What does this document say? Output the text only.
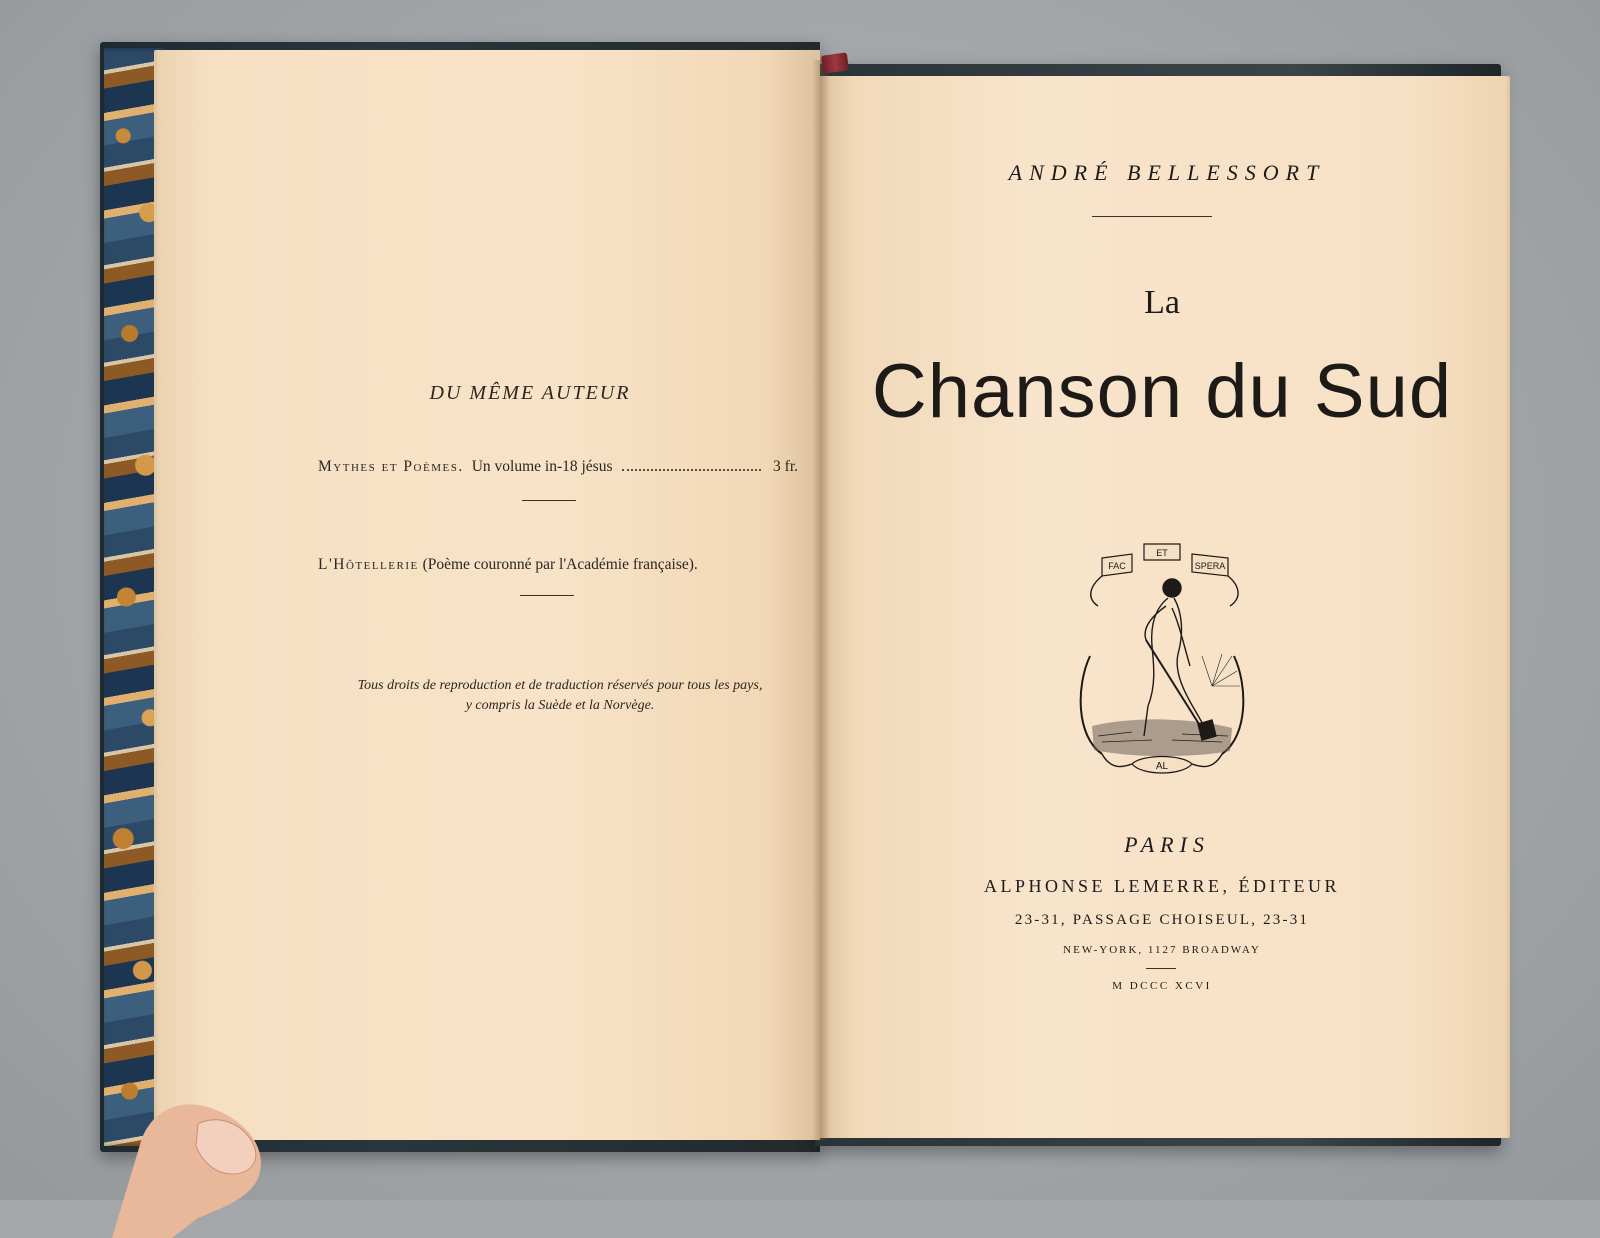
DU MÊME AUTEUR
Mythes et Poèmes. Un volume in-18 jésus	3 fr.
L'Hôtellerie (Poème couronné par l'Académie française).
Tous droits de reproduction et de traduction réservés pour tous les pays,
y compris la Suède et la Norvège.
ANDRÉ BELLESSORT
La
Chanson du Sud
FAC
ET
SPERA
AL
PARIS
ALPHONSE LEMERRE, ÉDITEUR
23-31, PASSAGE CHOISEUL, 23-31
NEW-YORK, 1127 BROADWAY
M DCCC XCVI
